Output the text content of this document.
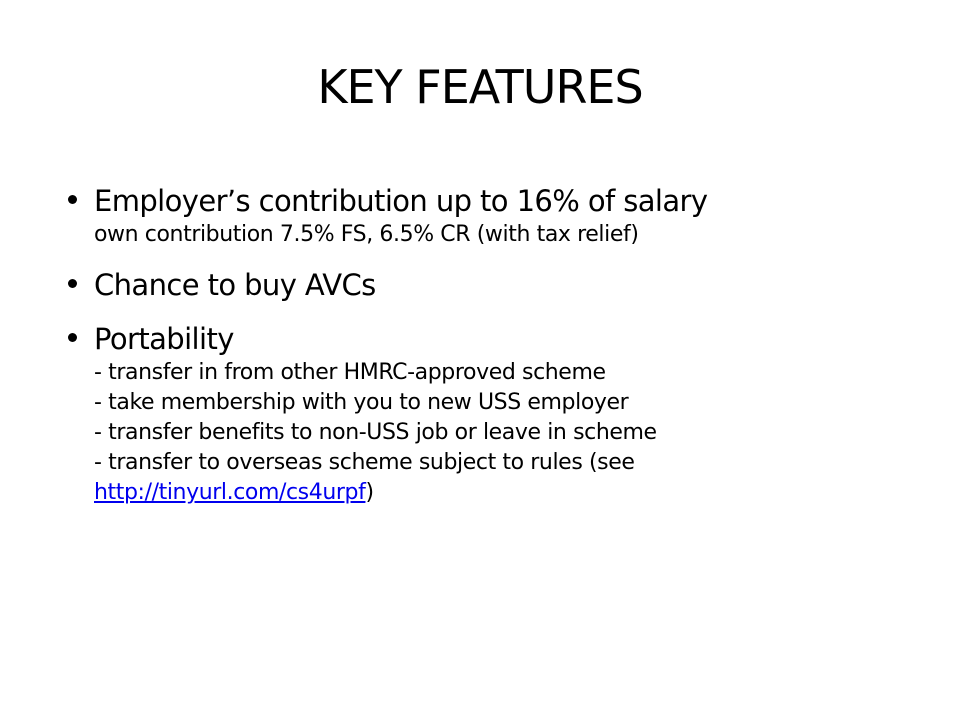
KEY FEATURES
Employer’s contribution up to 16% of salary
own contribution 7.5% FS, 6.5% CR (with tax relief)
Chance to buy AVCs
Portability
- transfer in from other HMRC-approved scheme
- take membership with you to new USS employer
- transfer benefits to non-USS job or leave in scheme
- transfer to overseas scheme subject to rules (see
http://tinyurl.com/cs4urpf)
